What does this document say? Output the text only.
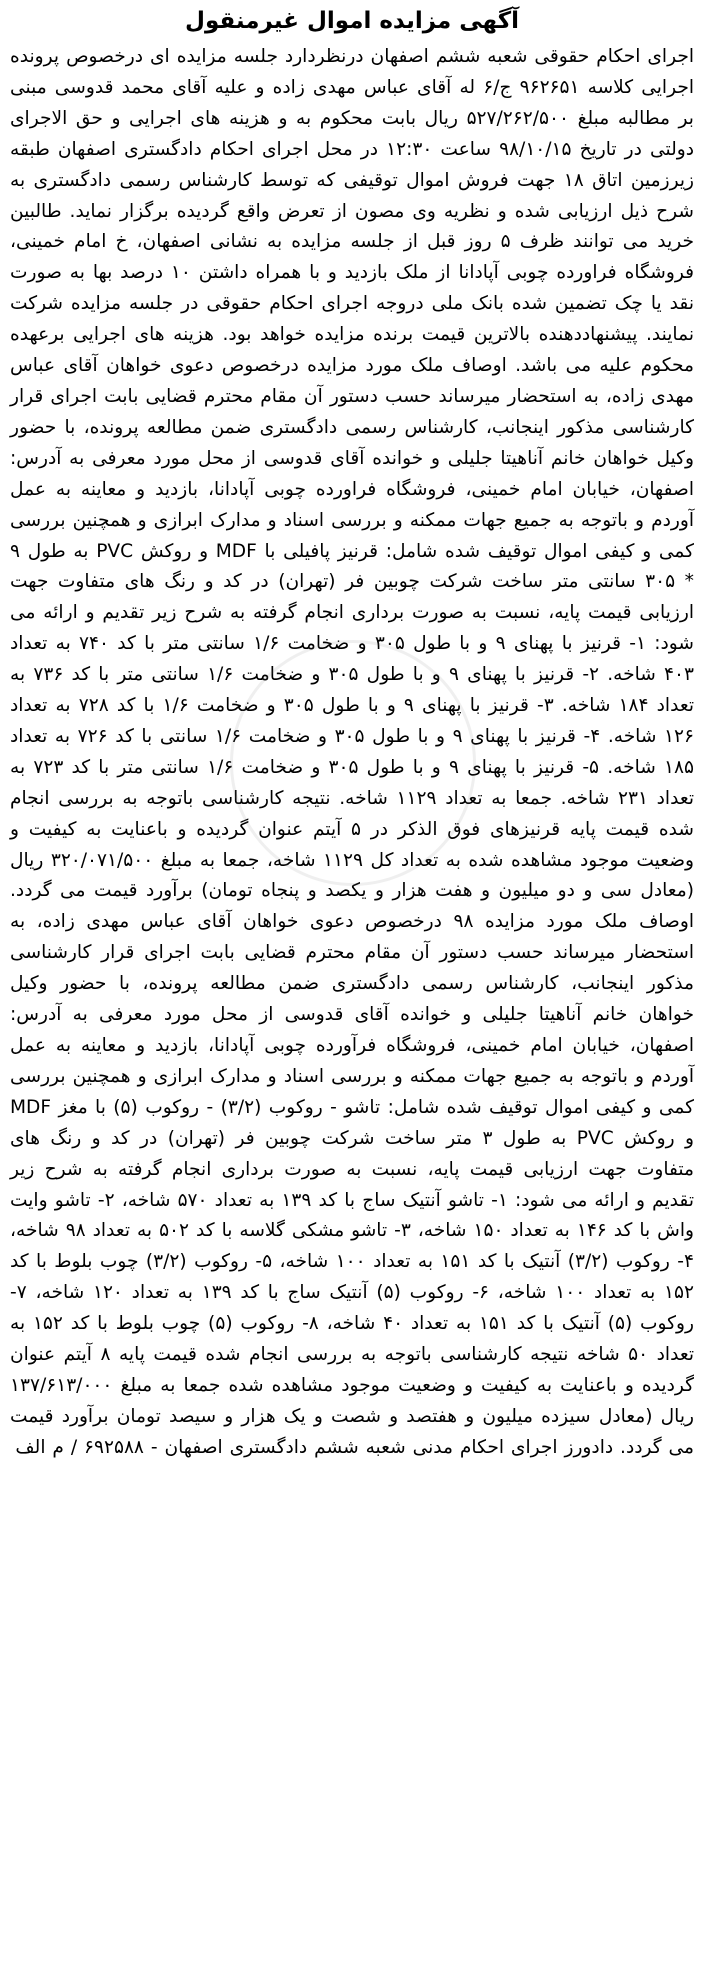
آگهی مزایده اموال غیرمنقول

اجرای احکام حقوقی شعبه ششم اصفهان درنظردارد جلسه مزایده ای درخصوص پرونده اجرایی کلاسه ۹۶۲۶۵۱ ج/۶ له آقای عباس مهدی زاده و علیه آقای محمد قدوسی مبنی بر مطالبه مبلغ ۵۲۷/۲۶۲/۵۰۰ ریال بابت محکوم به و هزینه های اجرایی و حق الاجرای دولتی در تاریخ ۹۸/۱۰/۱۵ ساعت ۱۲:۳۰ در محل اجرای احکام دادگستری اصفهان طبقه زیرزمین اتاق ۱۸ جهت فروش اموال توقیفی که توسط کارشناس رسمی دادگستری به شرح ذیل ارزیابی شده و نظریه وی مصون از تعرض واقع گردیده برگزار نماید. طالبین خرید می توانند ظرف ۵ روز قبل از جلسه مزایده به نشانی اصفهان، خ امام خمینی، فروشگاه فراورده چوبی آپادانا از ملک بازدید و با همراه داشتن ۱۰ درصد بها به صورت نقد یا چک تضمین شده بانک ملی دروجه اجرای احکام حقوقی در جلسه مزایده شرکت نمایند. پیشنهاددهنده بالاترین قیمت برنده مزایده خواهد بود. هزینه های اجرایی برعهده محکوم علیه می باشد. اوصاف ملک مورد مزایده درخصوص دعوی خواهان آقای عباس مهدی زاده، به استحضار میرساند حسب دستور آن مقام محترم قضایی بابت اجرای قرار کارشناسی مذکور اینجانب، کارشناس رسمی دادگستری ضمن مطالعه پرونده، با حضور وکیل خواهان خانم آناهیتا جلیلی و خوانده آقای قدوسی از محل مورد معرفی به آدرس: اصفهان، خیابان امام خمینی، فروشگاه فراورده چوبی آپادانا، بازدید و معاینه به عمل آوردم و باتوجه به جمیع جهات ممکنه و بررسی اسناد و مدارک ابرازی و همچنین بررسی کمی و کیفی اموال توقیف شده شامل: قرنیز پافیلی با MDF و روکش PVC به طول ۹ * ۳۰۵ سانتی متر ساخت شرکت چوبین فر (تهران) در کد و رنگ های متفاوت جهت ارزیابی قیمت پایه، نسبت به صورت برداری انجام گرفته به شرح زیر تقدیم و ارائه می شود: ۱- قرنیز با پهنای ۹ و با طول ۳۰۵ و ضخامت ۱/۶ سانتی متر با کد ۷۴۰ به تعداد ۴۰۳ شاخه. ۲- قرنیز با پهنای ۹ و با طول ۳۰۵ و ضخامت ۱/۶ سانتی متر با کد ۷۳۶ به تعداد ۱۸۴ شاخه. ۳- قرنیز با پهنای ۹ و با طول ۳۰۵ و ضخامت ۱/۶ با کد ۷۲۸ به تعداد ۱۲۶ شاخه. ۴- قرنیز با پهنای ۹ و با طول ۳۰۵ و ضخامت ۱/۶ سانتی با کد ۷۲۶ به تعداد ۱۸۵ شاخه. ۵- قرنیز با پهنای ۹ و با طول ۳۰۵ و ضخامت ۱/۶ سانتی متر با کد ۷۲۳ به تعداد ۲۳۱ شاخه. جمعا به تعداد ۱۱۲۹ شاخه. نتیجه کارشناسی باتوجه به بررسی انجام شده قیمت پایه قرنیزهای فوق الذکر در ۵ آیتم عنوان گردیده و باعنایت به کیفیت و وضعیت موجود مشاهده شده به تعداد کل ۱۱۲۹ شاخه، جمعا به مبلغ ۳۲۰/۰۷۱/۵۰۰ ریال (معادل سی و دو میلیون و هفت هزار و یکصد و پنجاه تومان) برآورد قیمت می گردد. اوصاف ملک مورد مزایده ۹۸ درخصوص دعوی خواهان آقای عباس مهدی زاده، به استحضار میرساند حسب دستور آن مقام محترم قضایی بابت اجرای قرار کارشناسی مذکور اینجانب، کارشناس رسمی دادگستری ضمن مطالعه پرونده، با حضور وکیل خواهان خانم آناهیتا جلیلی و خوانده آقای قدوسی از محل مورد معرفی به آدرس: اصفهان، خیابان امام خمینی، فروشگاه فرآورده چوبی آپادانا، بازدید و معاینه به عمل آوردم و باتوجه به جمیع جهات ممکنه و بررسی اسناد و مدارک ابرازی و همچنین بررسی کمی و کیفی اموال توقیف شده شامل: تاشو - روکوب (۳/۲) - روکوب (۵) با مغز MDF و روکش PVC به طول ۳ متر ساخت شرکت چوبین فر (تهران) در کد و رنگ های متفاوت جهت ارزیابی قیمت پایه، نسبت به صورت برداری انجام گرفته به شرح زیر تقدیم و ارائه می شود: ۱- تاشو آنتیک ساج با کد ۱۳۹ به تعداد ۵۷۰ شاخه، ۲- تاشو وایت واش با کد ۱۴۶ به تعداد ۱۵۰ شاخه، ۳- تاشو مشکی گلاسه با کد ۵۰۲ به تعداد ۹۸ شاخه، ۴- روکوب (۳/۲) آنتیک با کد ۱۵۱ به تعداد ۱۰۰ شاخه، ۵- روکوب (۳/۲) چوب بلوط با کد ۱۵۲ به تعداد ۱۰۰ شاخه، ۶- روکوب (۵) آنتیک ساج با کد ۱۳۹ به تعداد ۱۲۰ شاخه، ۷- روکوب (۵) آنتیک با کد ۱۵۱ به تعداد ۴۰ شاخه، ۸- روکوب (۵) چوب بلوط با کد ۱۵۲ به تعداد ۵۰ شاخه نتیجه کارشناسی باتوجه به بررسی انجام شده قیمت پایه ۸ آیتم عنوان گردیده و باعنایت به کیفیت و وضعیت موجود مشاهده شده جمعا به مبلغ ۱۳۷/۶۱۳/۰۰۰ ریال (معادل سیزده میلیون و هفتصد و شصت و یک هزار و سیصد تومان برآورد قیمت می گردد. دادورز اجرای احکام مدنی شعبه ششم دادگستری اصفهان - ۶۹۲۵۸۸ / م الف
